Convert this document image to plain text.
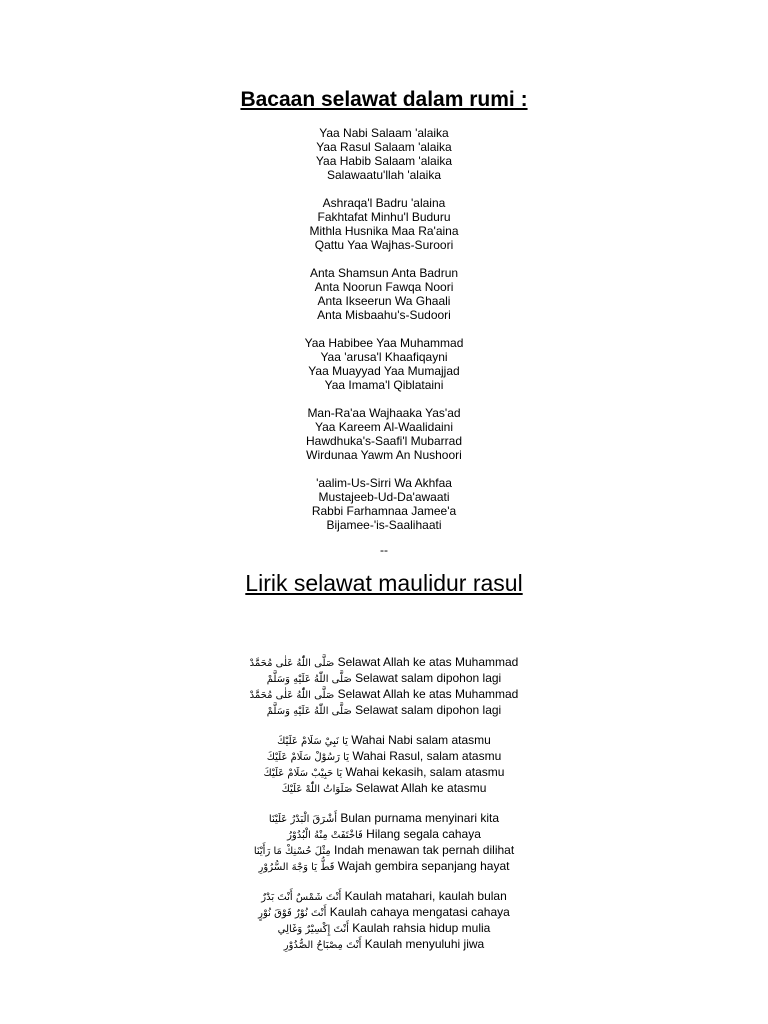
Bacaan selawat dalam rumi :
Yaa Nabi Salaam 'alaika
Yaa Rasul Salaam 'alaika
Yaa Habib Salaam 'alaika
Salawaatu'llah 'alaika
Ashraqa'l Badru 'alaina
Fakhtafat Minhu'l Buduru
Mithla Husnika Maa Ra'aina
Qattu Yaa Wajhas-Suroori
Anta Shamsun Anta Badrun
Anta Noorun Fawqa Noori
Anta Ikseerun Wa Ghaali
Anta Misbaahu's-Sudoori
Yaa Habibee Yaa Muhammad
Yaa 'arusa'l Khaafiqayni
Yaa Muayyad Yaa Mumajjad
Yaa Imama'l Qiblataini
Man-Ra'aa Wajhaaka Yas'ad
Yaa Kareem Al-Waalidaini
Hawdhuka's-Saafi'l Mubarrad
Wirdunaa Yawm An Nushoori
'aalim-Us-Sirri Wa Akhfaa
Mustajeeb-Ud-Da'awaati
Rabbi Farhamnaa Jamee'a
Bijamee-'is-Saalihaati
--
Lirik selawat maulidur rasul
صَلَّى اللّٰهُ عَلٰى مُحَمَّدْ Selawat Allah ke atas Muhammad
صَلَّى اللّٰهُ عَلَيْهِ وَسَلَّمْ Selawat salam dipohon lagi
صَلَّى اللّٰهُ عَلٰى مُحَمَّدْ Selawat Allah ke atas Muhammad
صَلَّى اللّٰهُ عَلَيْهِ وَسَلَّمْ Selawat salam dipohon lagi
يَا نَبِيْ سَلَامْ عَلَيْكَ Wahai Nabi salam atasmu
يَا رَسُوْلْ سَلَامْ عَلَيْكَ Wahai Rasul, salam atasmu
يَا حَبِيْبْ سَلَامْ عَلَيْكَ Wahai kekasih, salam atasmu
صَلَوَاتُ اللّٰهْ عَلَيْكَ Selawat Allah ke atasmu
أَشْرَقَ الْبَدْرُ عَلَيْنَا Bulan purnama menyinari kita
فَاخْتَفَتْ مِنْهُ الْبُدُوْرُ Hilang segala cahaya
مِثْلَ حُسْنِكْ مَا رَأَيْنَا Indah menawan tak pernah dilihat
قَطُّ يَا وَجْهَ السُّرُوْرِ Wajah gembira sepanjang hayat
أَنْتَ شَمْسٌ أَنْتَ بَدْرٌ Kaulah matahari, kaulah bulan
أَنْتَ نُوْرٌ فَوْقَ نُوْرٍ Kaulah cahaya mengatasi cahaya
أَنْتَ إِكْسِيْرٌ وَغَالِي Kaulah rahsia hidup mulia
أَنْتَ مِصْبَاحُ الصُّدُوْرِ Kaulah menyuluhi jiwa
